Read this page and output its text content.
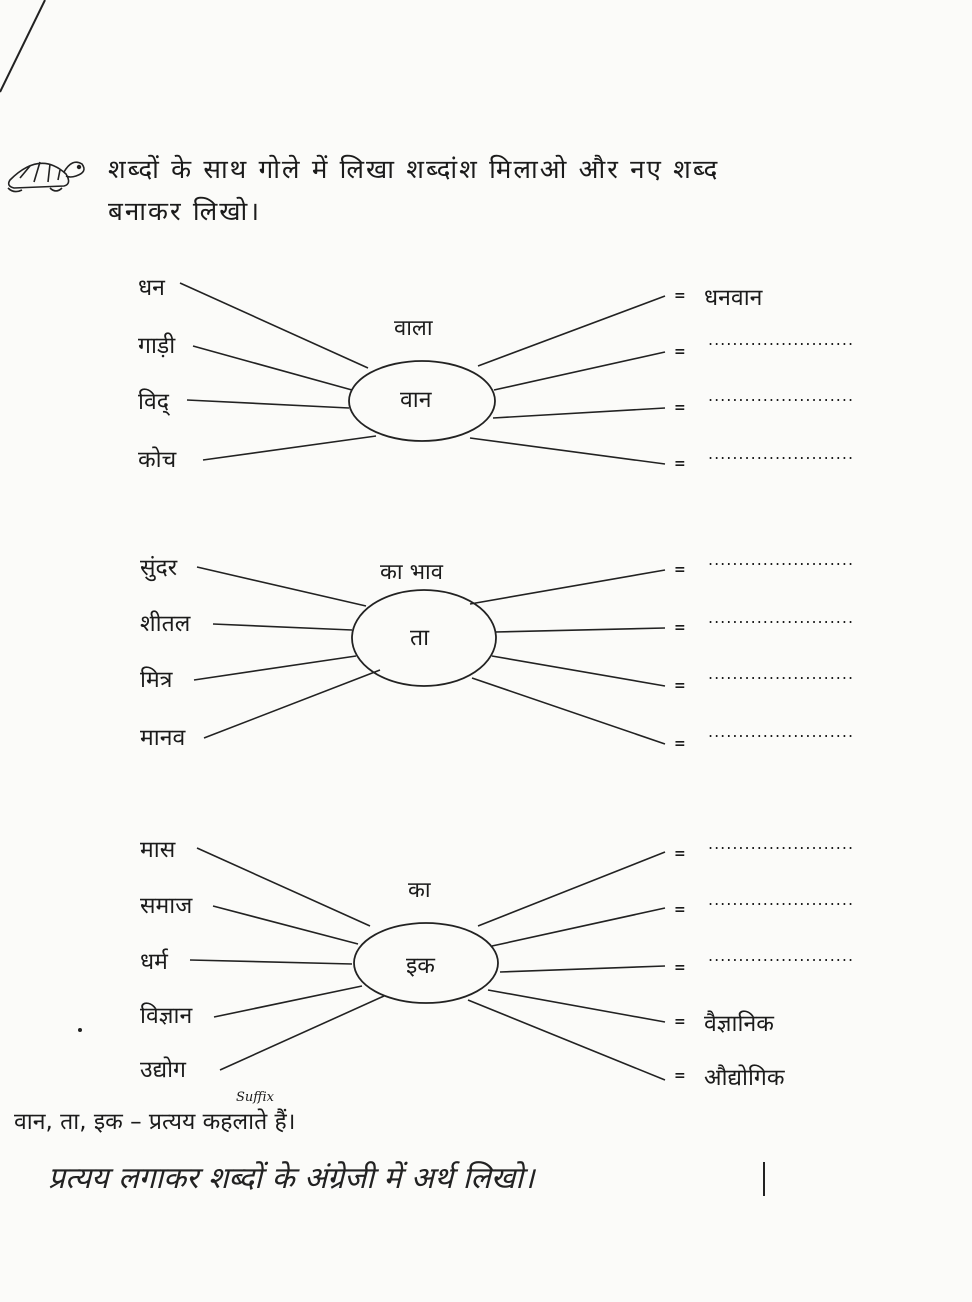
शब्दों के साथ गोले में लिखा शब्दांश मिलाओ और नए शब्द
बनाकर लिखो।
वाला
वान
धन
गाड़ी
विद्
कोच
= धनवान
=
........................
=
........................
=
........................
का भाव
ता
सुंदर
शीतल
मित्र
मानव
=
........................
=
........................
=
........................
=
........................
का
इक
मास
समाज
धर्म
विज्ञान
उद्योग
=
........................
=
........................
=
........................
= वैज्ञानिक
= औद्योगिक
Suffix
वान, ता, इक – प्रत्यय कहलाते हैं।
प्रत्यय लगाकर शब्दों के अंग्रेजी में अर्थ लिखो।
